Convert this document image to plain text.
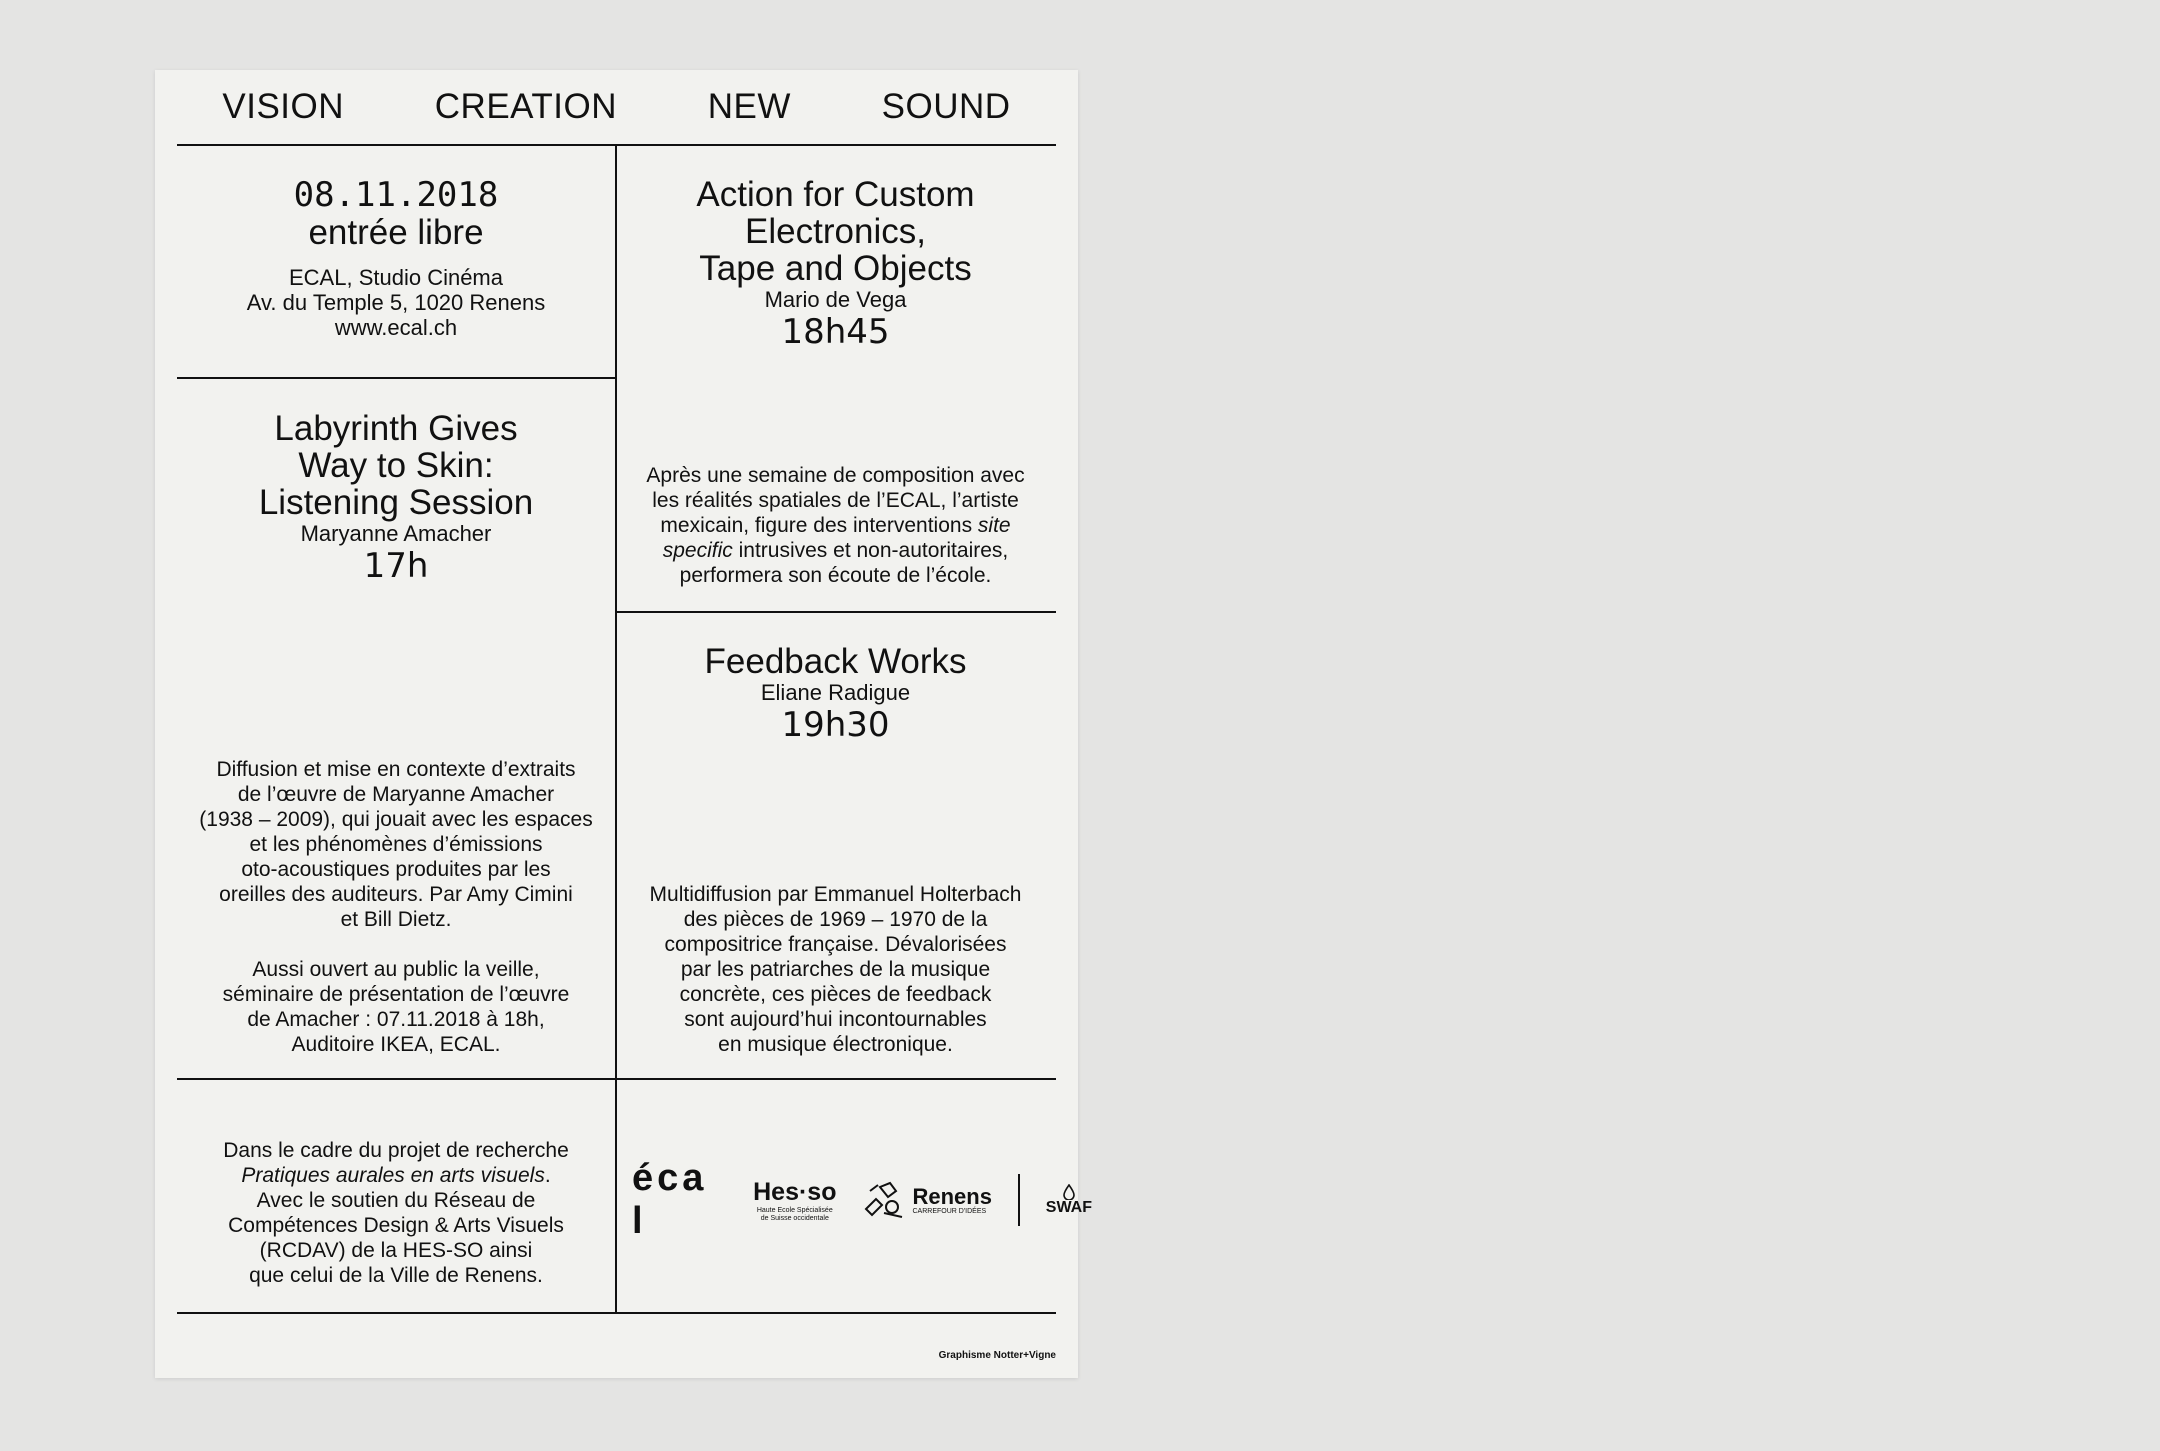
VISION	CREATION	NEW	SOUND
08.11.2018
entrée libre
ECAL, Studio Cinéma
Av. du Temple 5, 1020 Renens
www.ecal.ch
Labyrinth Gives
Way to Skin:
Listening Session
Maryanne Amacher
17h
Diffusion et mise en contexte d’extraits
de l’œuvre de Maryanne Amacher
(1938 – 2009), qui jouait avec les espaces
et les phénomènes d’émissions
oto-acoustiques produites par les
oreilles des auditeurs. Par Amy Cimini
et Bill Dietz.
Aussi ouvert au public la veille,
séminaire de présentation de l’œuvre
de Amacher : 07.11.2018 à 18h,
Auditoire IKEA, ECAL.
Action for Custom
Electronics,
Tape and Objects
Mario de Vega
18h45
Après une semaine de composition avec
les réalités spatiales de l’ECAL, l’artiste
mexicain, figure des interventions site
specific intrusives et non-autoritaires,
performera son écoute de l’école.
Feedback Works
Eliane Radigue
19h30
Multidiffusion par Emmanuel Holterbach
des pièces de 1969 – 1970 de la
compositrice française. Dévalorisées
par les patriarches de la musique
concrète, ces pièces de feedback
sont aujourd’hui incontournables
en musique électronique.
Dans le cadre du projet de recherche
Pratiques aurales en arts visuels.
Avec le soutien du Réseau de
Compétences Design & Arts Visuels
(RCDAV) de la HES-SO ainsi
que celui de la Ville de Renens.
Graphisme Notter+Vigne
éca l
Hes·so
Haute Ecole Spécialisée
de Suisse occidentale
Renens
CARREFOUR D'IDÉES	SWAF
